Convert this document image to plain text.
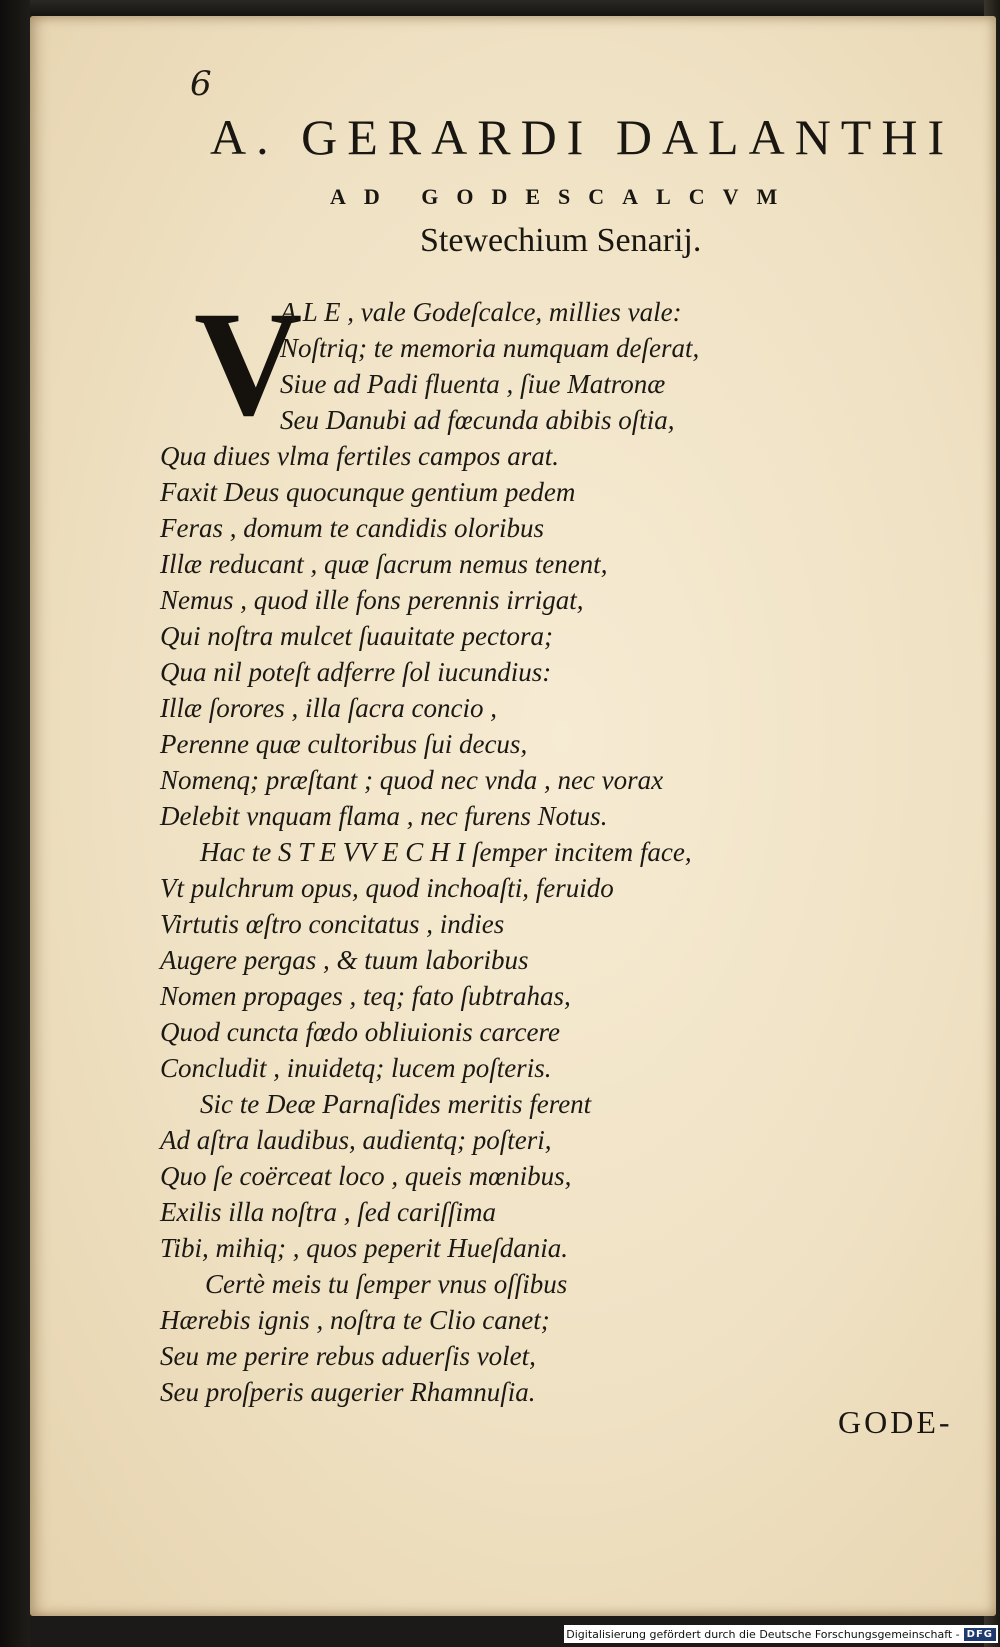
6

A. GERARDI DALANTHI

AD GODESCALCVM

Stewechium Senarij.

V
A L E , vale Godeſcalce, millies vale:
Noſtriq; te memoria numquam deſerat,
Siue ad Padi fluenta , ſiue Matronæ
Seu Danubi ad fœcunda abibis oſtia,
Qua diues vlma fertiles campos arat.
Faxit Deus quocunque gentium pedem
Feras , domum te candidis oloribus
Illæ reducant , quæ ſacrum nemus tenent,
Nemus , quod ille fons perennis irrigat,
Qui noſtra mulcet ſuauitate pectora;
Qua nil poteſt adferre ſol iucundius:
Illæ ſorores , illa ſacra concio ,
Perenne quæ cultoribus ſui decus,
Nomenq; præſtant ; quod nec vnda , nec vorax
Delebit vnquam flama , nec furens Notus.
Hac te S T E VV E C H I ſemper incitem face,
Vt pulchrum opus, quod inchoaſti, feruido
Virtutis œſtro concitatus , indies
Augere pergas , & tuum laboribus
Nomen propages , teq; fato ſubtrahas,
Quod cuncta fœdo obliuionis carcere
Concludit , inuidetq; lucem poſteris.
Sic te Deæ Parnaſides meritis ferent
Ad aſtra laudibus, audientq; poſteri,
Quo ſe coërceat loco , queis mœnibus,
Exilis illa noſtra , ſed cariſſima
Tibi, mihiq; , quos peperit Hueſdania.
Certè meis tu ſemper vnus oſſibus
Hærebis ignis , noſtra te Clio canet;
Seu me perire rebus aduerſis volet,
Seu proſperis augerier Rhamnuſia.

GODE-

Digitalisierung gefördert durch die Deutsche Forschungsgemeinschaft - DFG
